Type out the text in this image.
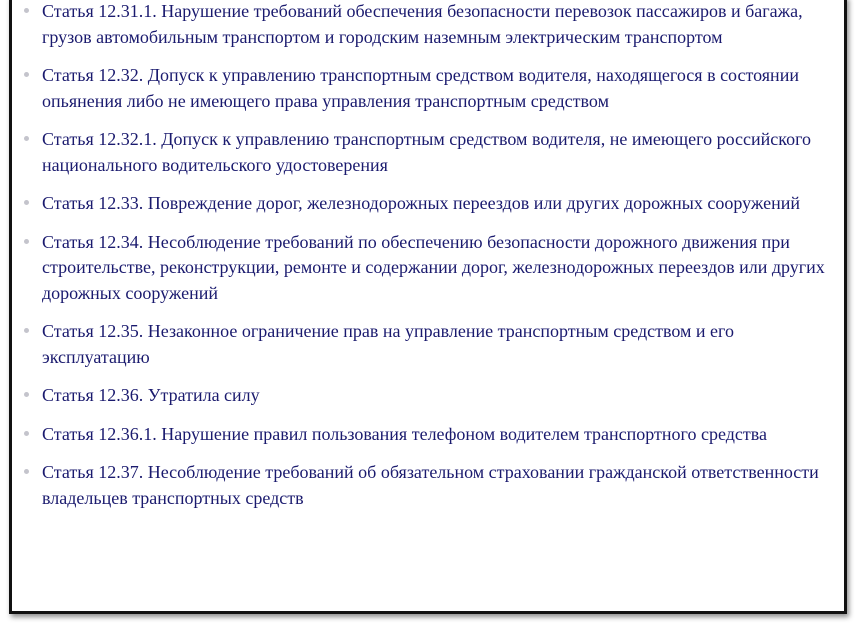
Статья 12.31.1. Нарушение требований обеспечения безопасности перевозок пассажиров и багажа, грузов автомобильным транспортом и городским наземным электрическим транспортом
Статья 12.32. Допуск к управлению транспортным средством водителя, находящегося в состоянии опьянения либо не имеющего права управления транспортным средством
Статья 12.32.1. Допуск к управлению транспортным средством водителя, не имеющего российского национального водительского удостоверения
Статья 12.33. Повреждение дорог, железнодорожных переездов или других дорожных сооружений
Статья 12.34. Несоблюдение требований по обеспечению безопасности дорожного движения при строительстве, реконструкции, ремонте и содержании дорог, железнодорожных переездов или других дорожных сооружений
Статья 12.35. Незаконное ограничение прав на управление транспортным средством и его эксплуатацию
Статья 12.36. Утратила силу
Статья 12.36.1. Нарушение правил пользования телефоном водителем транспортного средства
Статья 12.37. Несоблюдение требований об обязательном страховании гражданской ответственности владельцев транспортных средств
